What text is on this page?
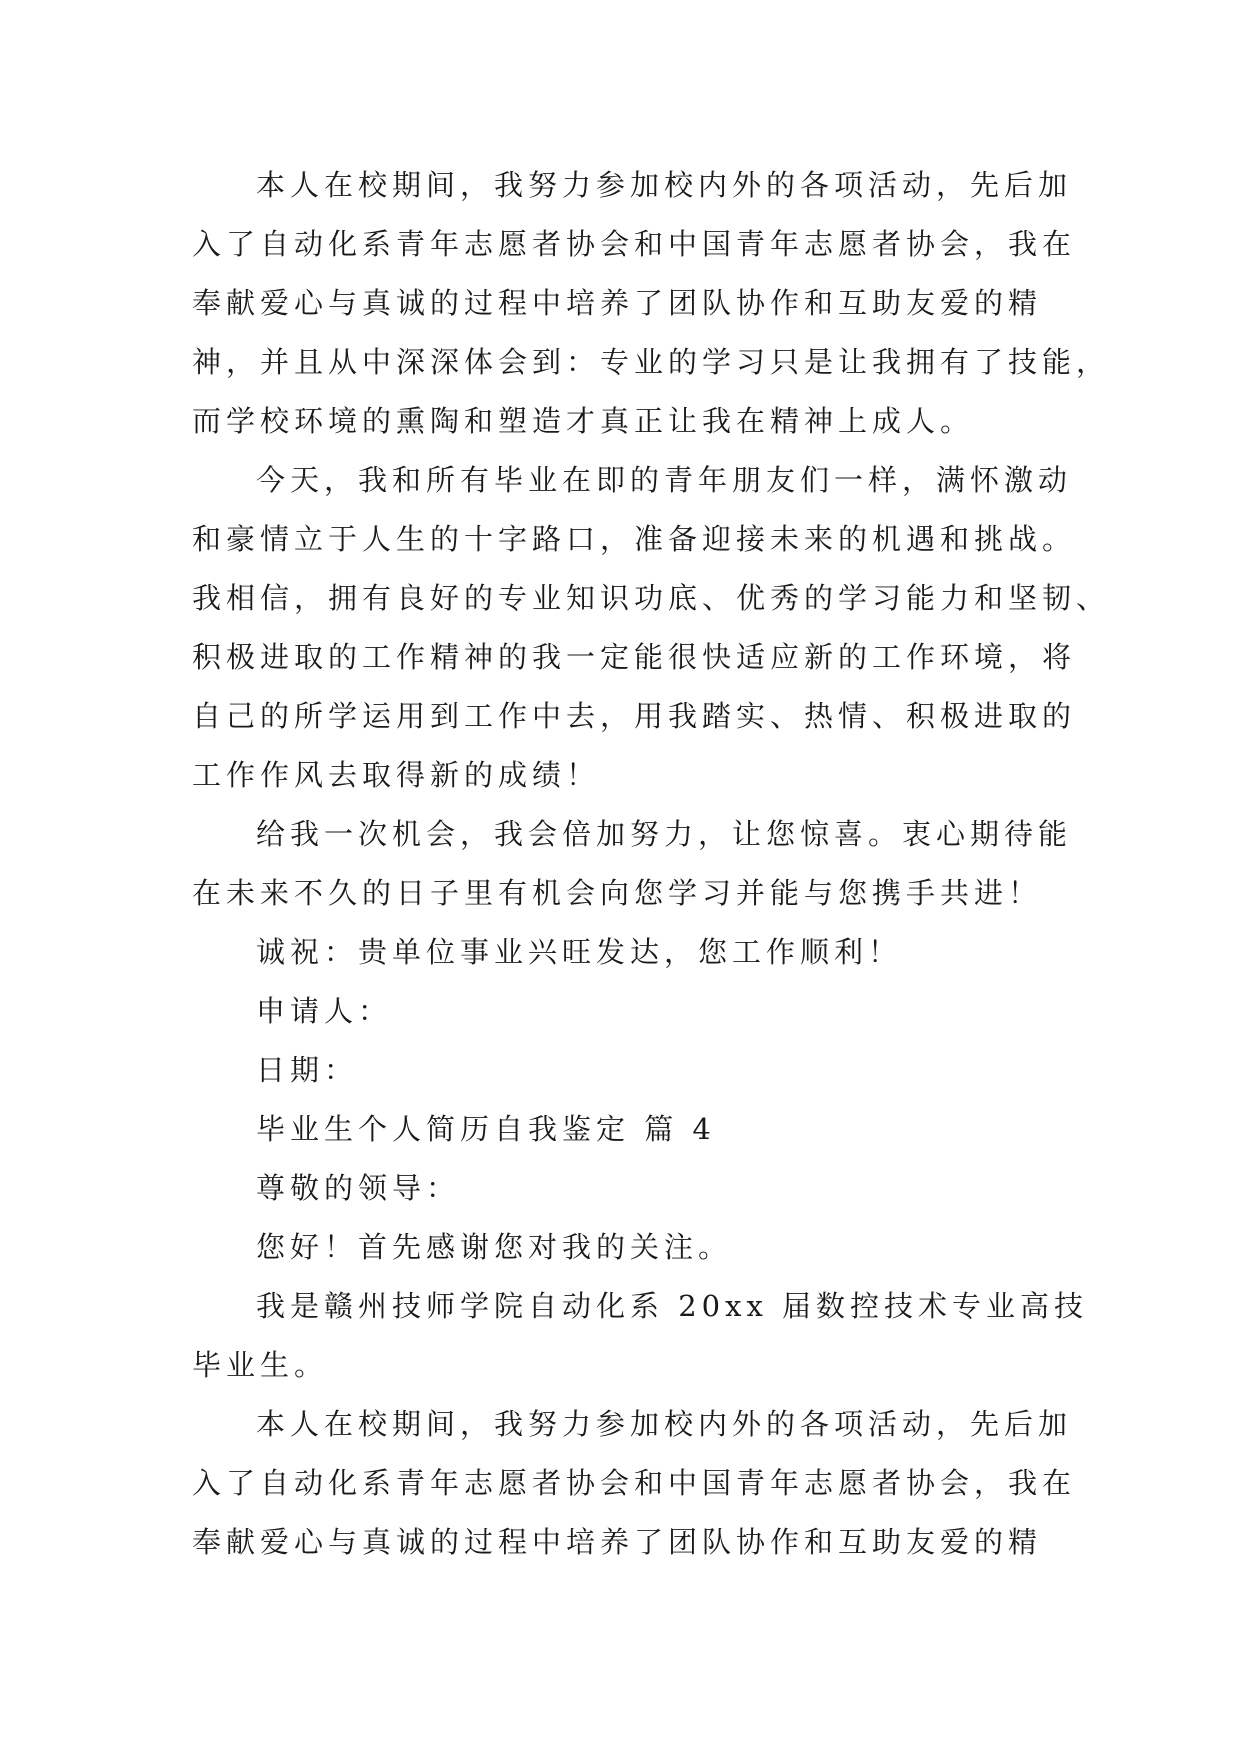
本人在校期间，我努力参加校内外的各项活动，先后加
入了自动化系青年志愿者协会和中国青年志愿者协会，我在
奉献爱心与真诚的过程中培养了团队协作和互助友爱的精
神，并且从中深深体会到：专业的学习只是让我拥有了技能，
而学校环境的熏陶和塑造才真正让我在精神上成人。
今天，我和所有毕业在即的青年朋友们一样，满怀激动
和豪情立于人生的十字路口，准备迎接未来的机遇和挑战。
我相信，拥有良好的专业知识功底、优秀的学习能力和坚韧、
积极进取的工作精神的我一定能很快适应新的工作环境，将
自己的所学运用到工作中去，用我踏实、热情、积极进取的
工作作风去取得新的成绩！
给我一次机会，我会倍加努力，让您惊喜。衷心期待能
在未来不久的日子里有机会向您学习并能与您携手共进！
诚祝：贵单位事业兴旺发达，您工作顺利！
申请人：
日期：
毕业生个人简历自我鉴定 篇 4
尊敬的领导：
您好！首先感谢您对我的关注。
我是赣州技师学院自动化系 20xx 届数控技术专业高技
毕业生。
本人在校期间，我努力参加校内外的各项活动，先后加
入了自动化系青年志愿者协会和中国青年志愿者协会，我在
奉献爱心与真诚的过程中培养了团队协作和互助友爱的精
